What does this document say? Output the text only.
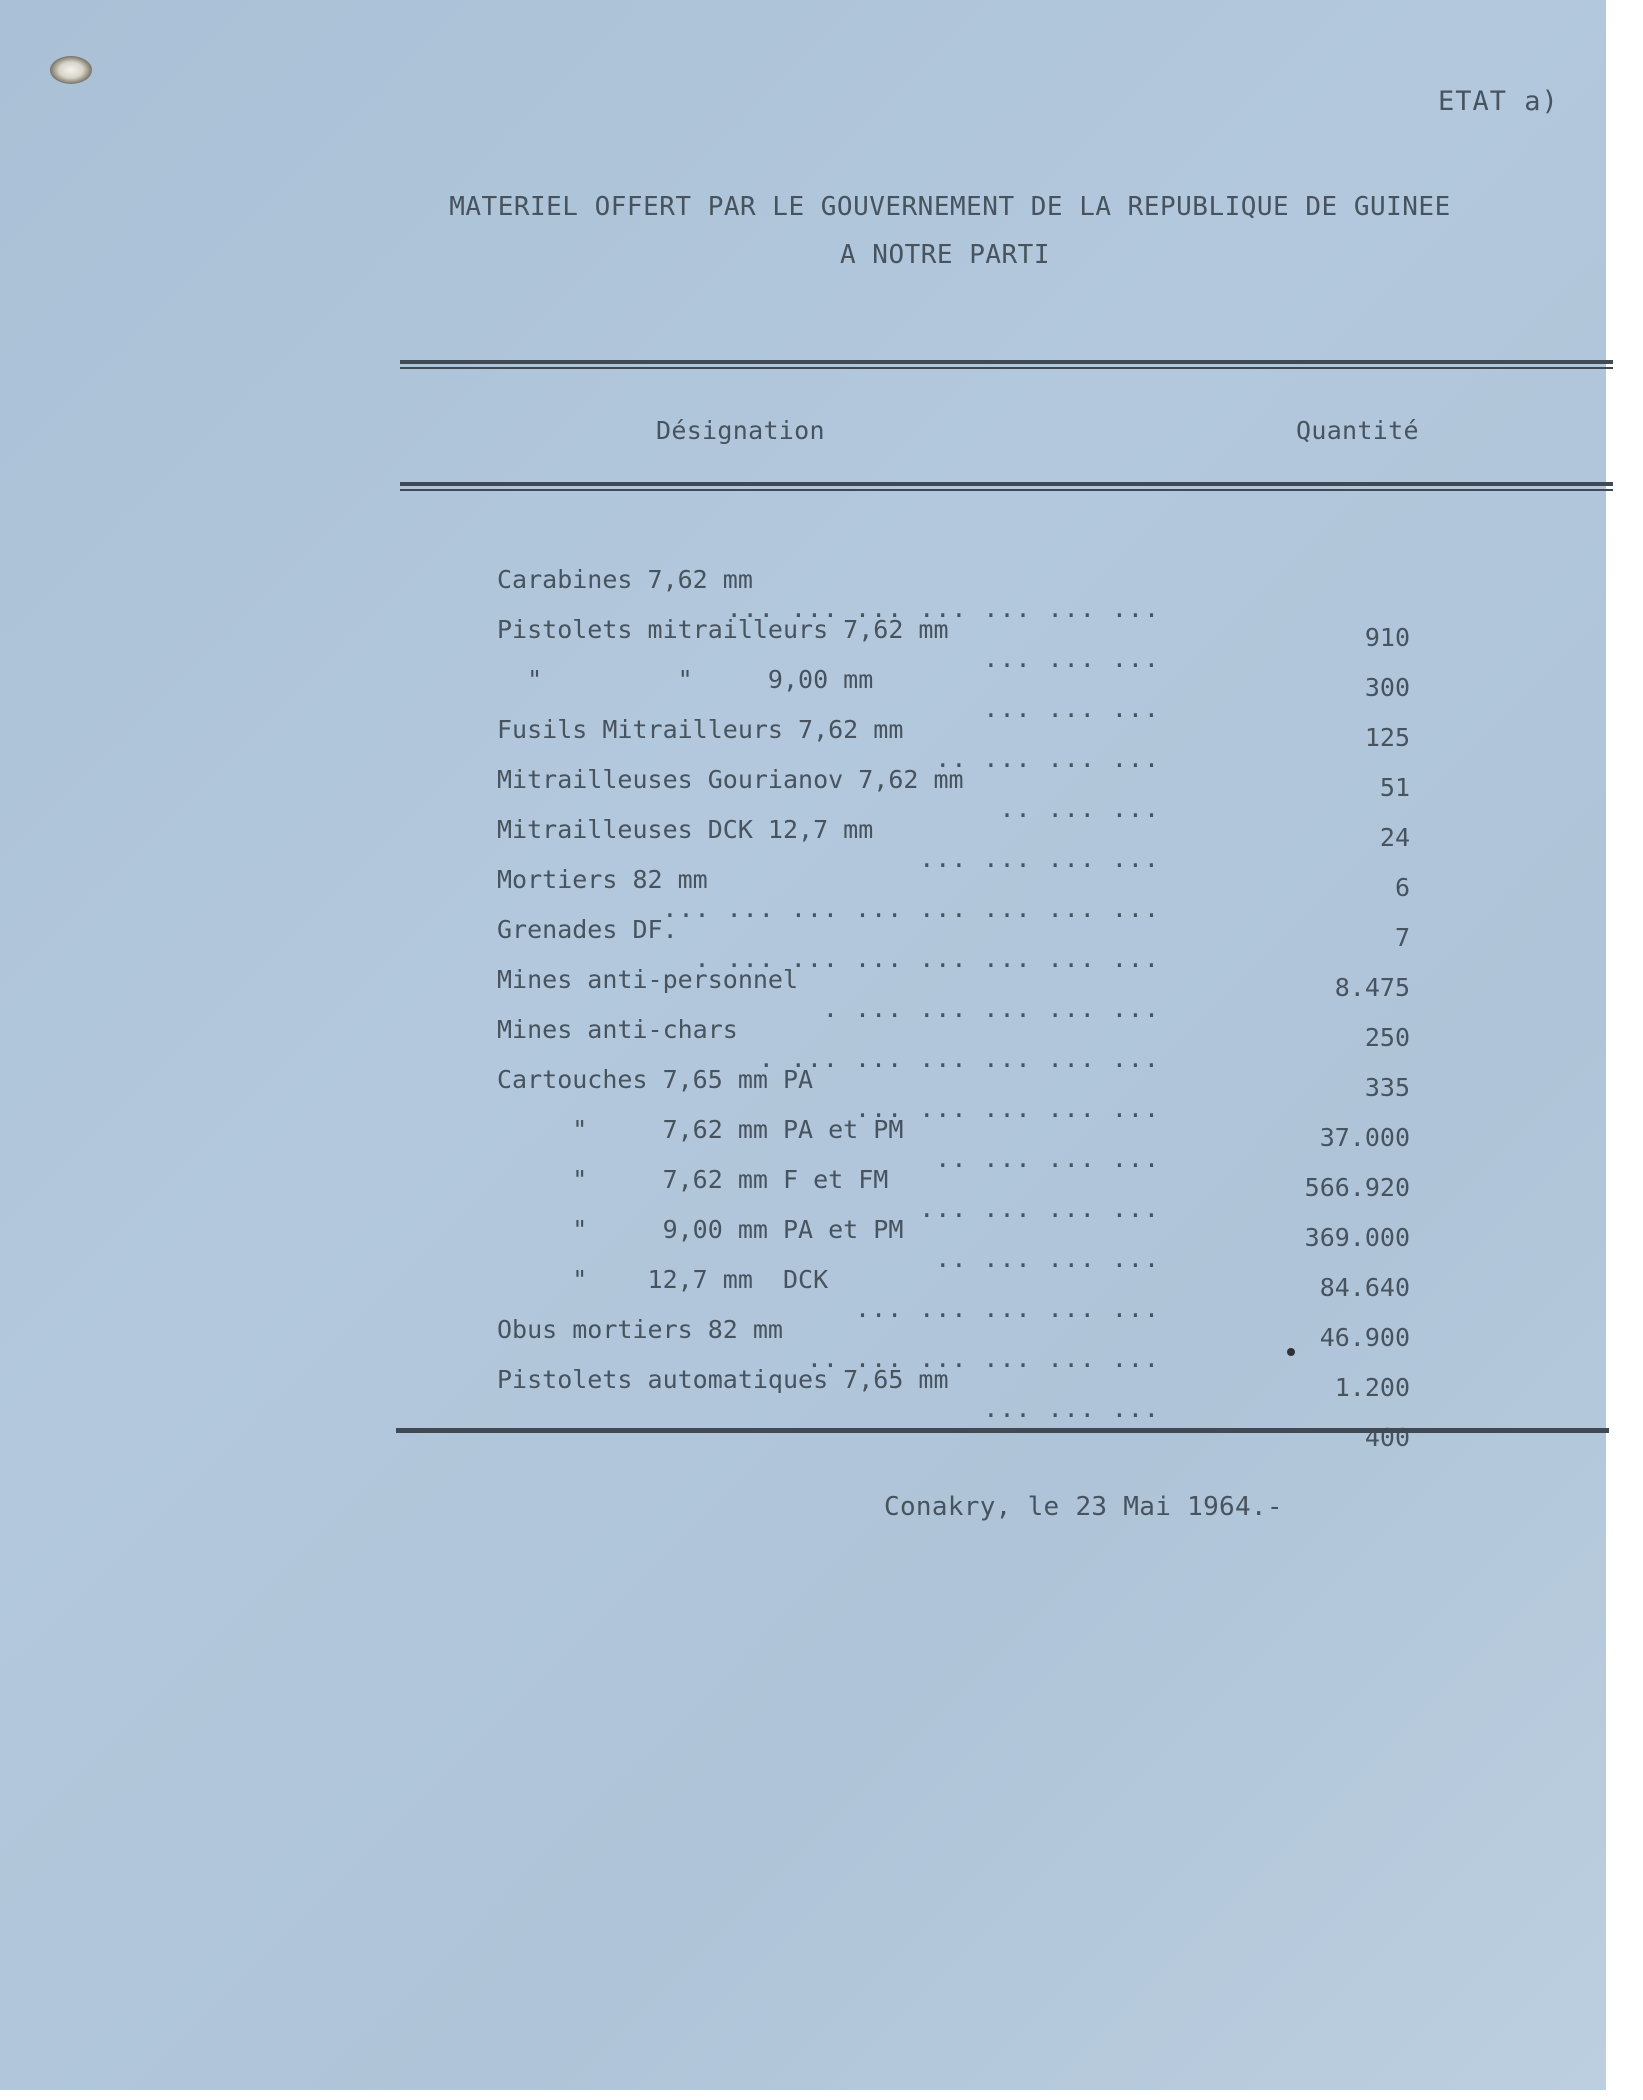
ETAT a)
MATERIEL OFFERT PAR LE GOUVERNEMENT DE LA REPUBLIQUE DE GUINEE
A NOTRE PARTI
Désignation	Quantité

Carabines 7,62 mm

... ... ... ... ... ... ...

910

Pistolets mitrailleurs 7,62 mm

... ... ...

300

"         "     9,00 mm

... ... ...

125

Fusils Mitrailleurs 7,62 mm

.. ... ... ...

51

Mitrailleuses Gourianov 7,62 mm

.. ... ...

24

Mitrailleuses DCK 12,7 mm

... ... ... ...

6

Mortiers 82 mm

... ... ... ... ... ... ... ...

7

Grenades DF.

. ... ... ... ... ... ... ...

8.475

Mines anti-personnel

. ... ... ... ... ...

250

Mines anti-chars

. ... ... ... ... ... ...

335

Cartouches 7,65 mm PA

... ... ... ... ...

37.000

"     7,62 mm PA et PM

.. ... ... ...

566.920

"     7,62 mm F et FM

... ... ... ...

369.000

"     9,00 mm PA et PM

.. ... ... ...

84.640

"    12,7 mm  DCK

... ... ... ... ...

46.900

Obus mortiers 82 mm

.. ... ... ... ... ...

1.200

Pistolets automatiques 7,65 mm

... ... ...

400

Conakry, le 23 Mai 1964.-
